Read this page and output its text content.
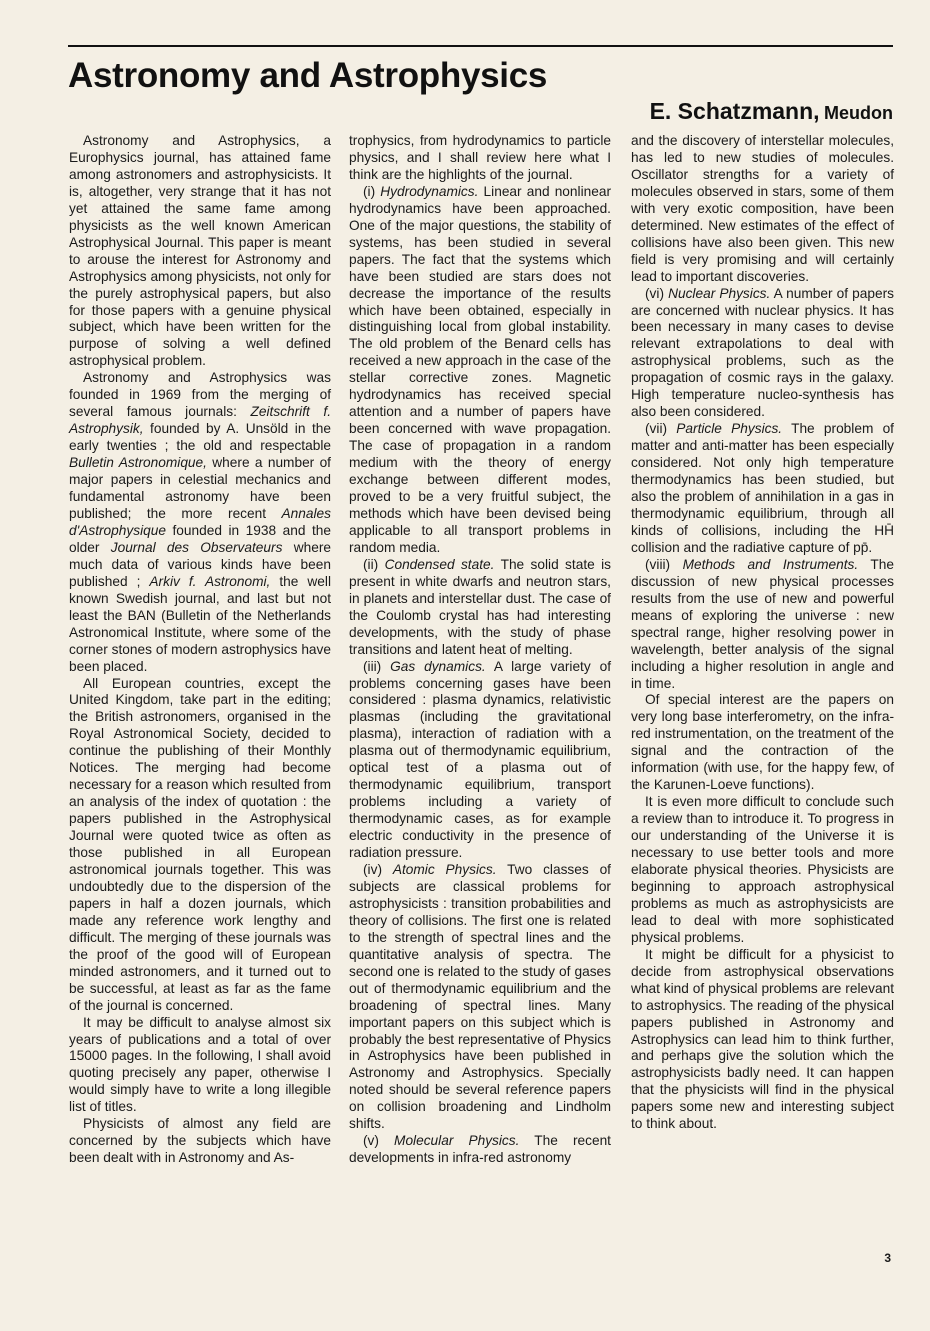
Astronomy and Astrophysics
E. Schatzmann, Meudon

Astronomy and Astrophysics, a Europhysics journal, has attained fame among astronomers and astrophysicists. It is, altogether, very strange that it has not yet attained the same fame among physicists as the well known American Astrophysical Journal. This paper is meant to arouse the interest for Astronomy and Astrophysics among physicists, not only for the purely astrophysical papers, but also for those papers with a genuine physical subject, which have been written for the purpose of solving a well defined astrophysical problem.

Astronomy and Astrophysics was founded in 1969 from the merging of several famous journals: Zeitschrift f. Astrophysik, founded by A. Unsöld in the early twenties ; the old and respectable Bulletin Astronomique, where a number of major papers in celestial mechanics and fundamental astronomy have been published; the more recent Annales d'Astrophysique founded in 1938 and the older Journal des Observateurs where much data of various kinds have been published ; Arkiv f. Astronomi, the well known Swedish journal, and last but not least the BAN (Bulletin of the Netherlands Astronomical Institute, where some of the corner stones of modern astrophysics have been placed.

All European countries, except the United Kingdom, take part in the editing; the British astronomers, organised in the Royal Astronomical Society, decided to continue the publishing of their Monthly Notices. The merging had become necessary for a reason which resulted from an analysis of the index of quotation : the papers published in the Astrophysical Journal were quoted twice as often as those published in all European astronomical journals together. This was undoubtedly due to the dispersion of the papers in half a dozen journals, which made any reference work lengthy and difficult. The merging of these journals was the proof of the good will of European minded astronomers, and it turned out to be successful, at least as far as the fame of the journal is concerned.

It may be difficult to analyse almost six years of publications and a total of over 15000 pages. In the following, I shall avoid quoting precisely any paper, otherwise I would simply have to write a long illegible list of titles.

Physicists of almost any field are concerned by the subjects which have been dealt with in Astronomy and As-

trophysics, from hydrodynamics to particle physics, and I shall review here what I think are the highlights of the journal.

(i) Hydrodynamics. Linear and nonlinear hydrodynamics have been approached. One of the major questions, the stability of systems, has been studied in several papers. The fact that the systems which have been studied are stars does not decrease the importance of the results which have been obtained, especially in distinguishing local from global instability. The old problem of the Benard cells has received a new approach in the case of the stellar corrective zones. Magnetic hydrodynamics has received special attention and a number of papers have been concerned with wave propagation. The case of propagation in a random medium with the theory of energy exchange between different modes, proved to be a very fruitful subject, the methods which have been devised being applicable to all transport problems in random media.

(ii) Condensed state. The solid state is present in white dwarfs and neutron stars, in planets and interstellar dust. The case of the Coulomb crystal has had interesting developments, with the study of phase transitions and latent heat of melting.

(iii) Gas dynamics. A large variety of problems concerning gases have been considered : plasma dynamics, relativistic plasmas (including the gravitational plasma), interaction of radiation with a plasma out of thermodynamic equilibrium, optical test of a plasma out of thermodynamic equilibrium, transport problems including a variety of thermodynamic cases, as for example electric conductivity in the presence of radiation pressure.

(iv) Atomic Physics. Two classes of subjects are classical problems for astrophysicists : transition probabilities and theory of collisions. The first one is related to the strength of spectral lines and the quantitative analysis of spectra. The second one is related to the study of gases out of thermodynamic equilibrium and the broadening of spectral lines. Many important papers on this subject which is probably the best representative of Physics in Astrophysics have been published in Astronomy and Astrophysics. Specially noted should be several reference papers on collision broadening and Lindholm shifts.

(v) Molecular Physics. The recent developments in infra-red astronomy

and the discovery of interstellar molecules, has led to new studies of molecules. Oscillator strengths for a variety of molecules observed in stars, some of them with very exotic composition, have been determined. New estimates of the effect of collisions have also been given. This new field is very promising and will certainly lead to important discoveries.

(vi) Nuclear Physics. A number of papers are concerned with nuclear physics. It has been necessary in many cases to devise relevant extrapolations to deal with astrophysical problems, such as the propagation of cosmic rays in the galaxy. High temperature nucleo-synthesis has also been considered.

(vii) Particle Physics. The problem of matter and anti-matter has been especially considered. Not only high temperature thermodynamics has been studied, but also the problem of annihilation in a gas in thermodynamic equilibrium, through all kinds of collisions, including the HH̄ collision and the radiative capture of pp̄.

(viii) Methods and Instruments. The discussion of new physical processes results from the use of new and powerful means of exploring the universe : new spectral range, higher resolving power in wavelength, better analysis of the signal including a higher resolution in angle and in time.

Of special interest are the papers on very long base interferometry, on the infra-red instrumentation, on the treatment of the signal and the contraction of the information (with use, for the happy few, of the Karunen-Loeve functions).

It is even more difficult to conclude such a review than to introduce it. To progress in our understanding of the Universe it is necessary to use better tools and more elaborate physical theories. Physicists are beginning to approach astrophysical problems as much as astrophysicists are lead to deal with more sophisticated physical problems.

It might be difficult for a physicist to decide from astrophysical observations what kind of physical problems are relevant to astrophysics. The reading of the physical papers published in Astronomy and Astrophysics can lead him to think further, and perhaps give the solution which the astrophysicists badly need. It can happen that the physicists will find in the physical papers some new and interesting subject to think about.

3
